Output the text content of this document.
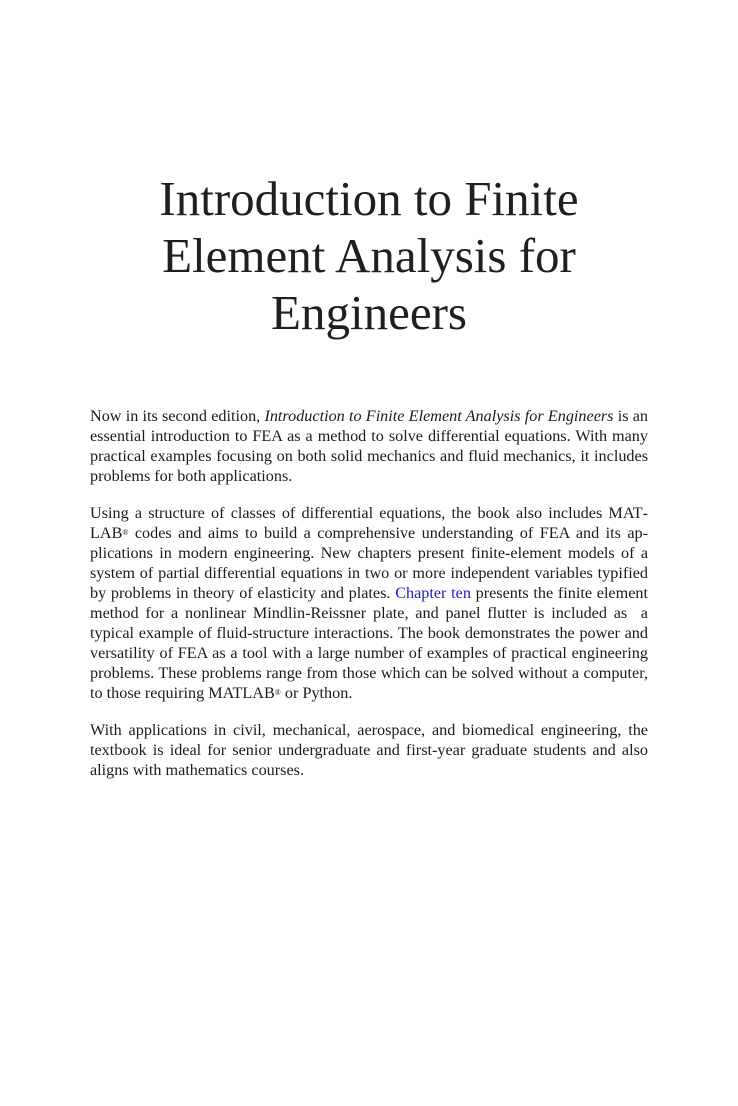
Introduction to Finite
Element Analysis for
Engineers

Now in its second edition, Introduction to Finite Element Analysis for Engineers is an essential introduction to FEA as a method to solve differential equations. With many practical examples focusing on both solid mechanics and fluid mechanics, it includes problems for both applications.

Using a structure of classes of differential equations, the book also includes MATLAB® codes and aims to build a comprehensive understanding of FEA and its applications in modern engineering. New chapters present finite-element models of a system of partial differential equations in two or more independent variables typified by problems in theory of elasticity and plates. Chapter ten presents the finite element method for a nonlinear Mindlin-Reissner plate, and panel flutter is included as  a typical example of fluid-structure interactions. The book demonstrates the power and versatility of FEA as a tool with a large number of examples of practical engineering problems. These problems range from those which can be solved without a computer, to those requiring MATLAB® or Python.

With applications in civil, mechanical, aerospace, and biomedical engineering, the textbook is ideal for senior undergraduate and first-year graduate students and also aligns with mathematics courses.
